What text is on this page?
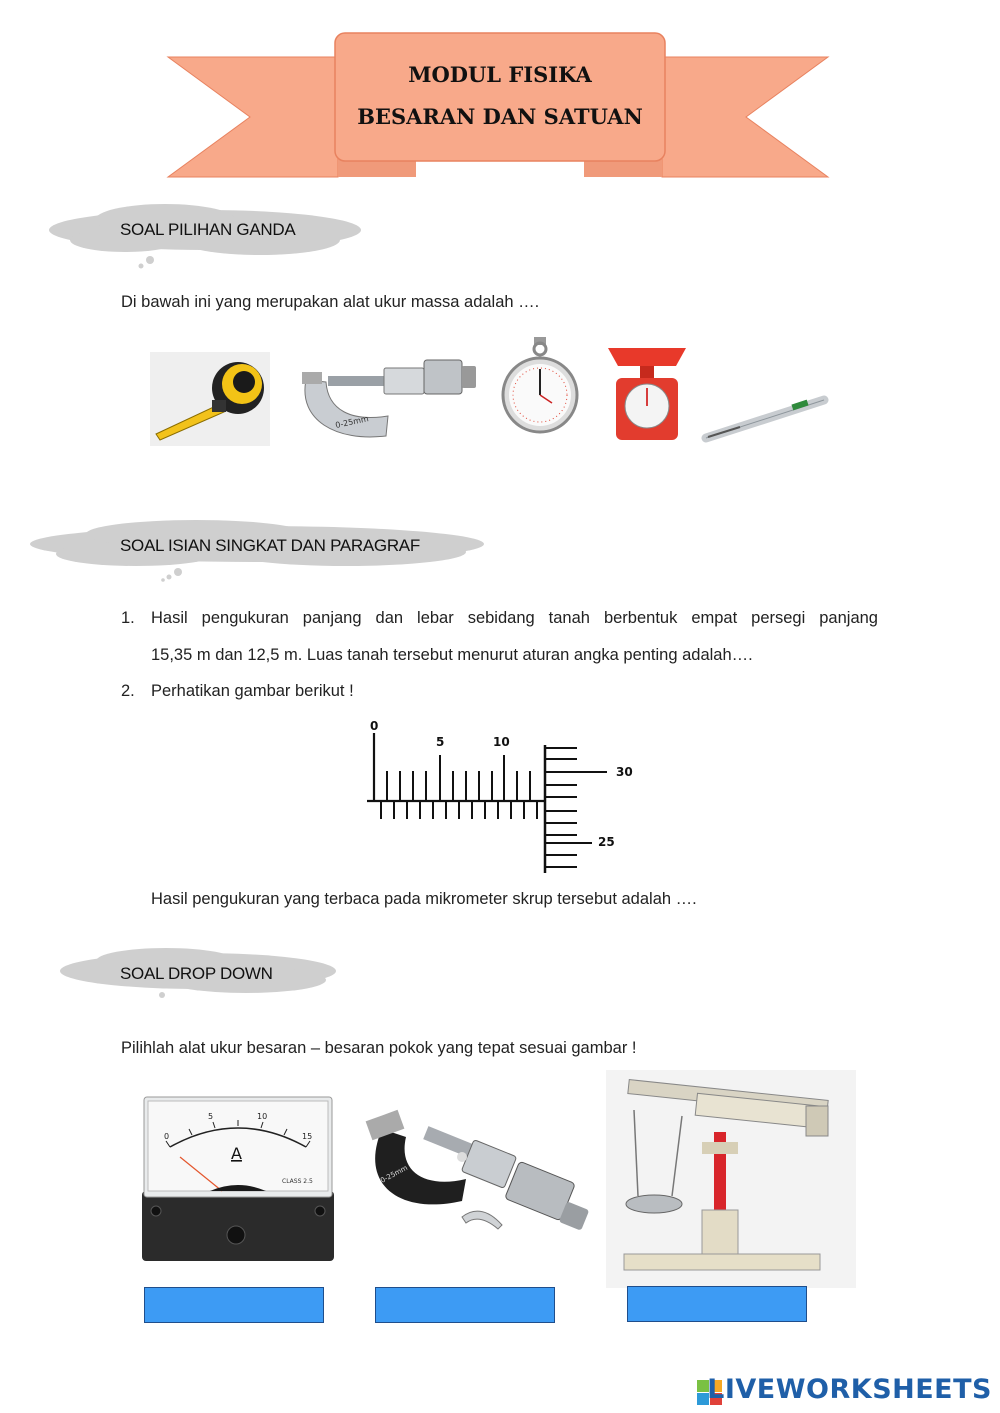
MODUL FISIKA
BESARAN DAN SATUAN
SOAL PILIHAN GANDA
Di bawah ini yang merupakan alat ukur massa adalah ….
0-25mm
SOAL ISIAN SINGKAT DAN PARAGRAF
1. Hasil pengukuran panjang dan lebar sebidang tanah berbentuk empat persegi panjang
15,35 m dan 12,5 m. Luas tanah tersebut menurut aturan angka penting adalah….
2. Perhatikan gambar berikut !
0
5	10
30
25
Hasil pengukuran yang terbaca pada mikrometer skrup tersebut adalah ….
SOAL DROP DOWN
Pilihlah alat ukur besaran – besaran pokok yang tepat sesuai gambar !
0
5	10
15
A
CLASS 2.5	0-25mm
LIVEWORKSHEETS
